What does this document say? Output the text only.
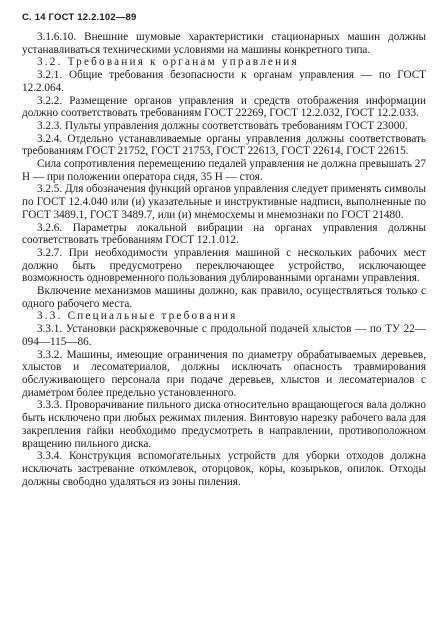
С. 14 ГОСТ 12.2.102—89

3.1.6.10. Внешние шумовые характеристики стационарных машин должны устанавливаться техническими условиями на машины конкретного типа.

3.2. Требования к органам управления

3.2.1. Общие требования безопасности к органам управления — по ГОСТ 12.2.064.

3.2.2. Размещение органов управления и средств отображения информации должно соответствовать требованиям ГОСТ 22269, ГОСТ 12.2.032, ГОСТ 12.2.033.

3.2.3. Пульты управления должны соответствовать требованиям ГОСТ 23000.

3.2.4. Отдельно устанавливаемые органы управления должны соответствовать требованиям ГОСТ 21752, ГОСТ 21753, ГОСТ 22613, ГОСТ 22614, ГОСТ 22615.

Сила сопротивления перемещению педалей управления не должна превышать 27 Н — при положении оператора сидя, 35 Н — стоя.

3.2.5. Для обозначения функций органов управления следует применять символы по ГОСТ 12.4.040 или (и) указательные и инструктивные надписи, выполненные по ГОСТ 3489.1, ГОСТ 3489.7, или (и) мнемосхемы и мнемознаки по ГОСТ 21480.

3.2.6. Параметры локальной вибрации на органах управления должны соответствовать требованиям ГОСТ 12.1.012.

3.2.7. При необходимости управления машиной с нескольких рабочих мест должно быть предусмотрено переключающее устройство, исключающее возможность одновременного пользования дублированными органами управления.

Включение механизмов машины должно, как правило, осуществляться только с одного рабочего места.

3.3. Специальные требования

3.3.1. Установки раскряжевочные с продольной подачей хлыстов — по ТУ 22—094—115—86.

3.3.2. Машины, имеющие ограничения по диаметру обрабатываемых деревьев, хлыстов и лесоматериалов, должны исключать опасность травмирования обслуживающего персонала при подаче деревьев, хлыстов и лесоматериалов с диаметром более предельно установленного.

3.3.3. Проворачивание пильного диска относительно вращающегося вала должно быть исключено при любых режимах пиления. Винтовую нарезку рабочего вала для закрепления гайки необходимо предусмотреть в направлении, противоположном вращению пильного диска.

3.3.4. Конструкция вспомогательных устройств для уборки отходов должна исключать застревание откомлевок, оторцовок, коры, козырьков, опилок. Отходы должны свободно удаляться из зоны пиления.
